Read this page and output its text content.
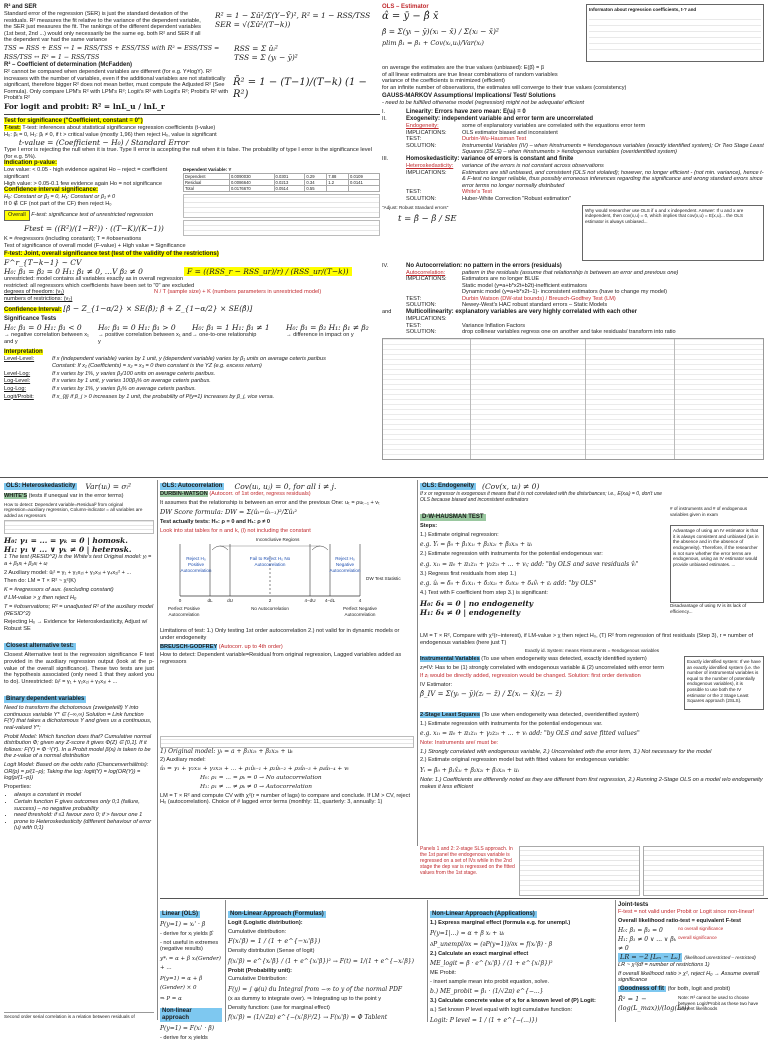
R² and SER
Standard error of the regression (SER) is just the standard deviation of the residuals. R² measures the fit relative to the variance of the dependent variable, the SER just measures the fit. The rankings of the different dependent variables (1st best, 2nd ...) would only necessarily be the same eg. both R² and SER if all the dependent var had the same variance
R² = 1 − Σû²/Σ(Y−Ȳ)², R² = 1 − RSS/TSS
SER = √(Σû²/(T−k))
TSS = RSS + ESS ↔ 1 = RSS/TSS + ESS/TSS with R² = ESS/TSS = RSS/TSS ↔ R² = 1 − RSS/TSS
RSS = Σ ûᵢ²
TSS = Σ (yᵢ − ȳ)²
R² – Coefficient of determination (McFadden)
R² cannot be compared when dependent variables are different (for e.g. Y≠logY). R² increases with the number of variables, even if the additional variables are not statistically significant, therefore bigger R² does not mean better, must compute the Adjusted R² (See Formula). Only compare LPM's R² with LPM's R²; Logit's R² with Logit's R²; Probit's R² with Probit's R²
R̄² = 1 − (T−1)/(T−k) (1 − R²)
For logit and probit: R² = lnL_u / lnL_r
Test for significance ("Coefficient, constant = 0")
T-test: T-test: inferences about statistical significance regression coefficients (t-value)
H₀: βᵢ = 0, H₁: βᵢ ≠ 0, if t > critical value (mostly 1,96) then reject H₀, value is significant
t-value = (Coefficient − H₀) / Standard Error
Type I error is rejecting the null when it is true. Type II error is accepting the null when it is false. The probability of type I error is the significance level (for e.g. 5%).
Indication p-value:
Low value: < 0.05 - high evidence against Ho – reject = coefficient significant
High value: > 0.05-0.1 few evidence again Ho = not significance
Confidence interval significance:
H₀: Constant or β₁ = 0, H₁: Constant or β₁ ≠ 0
If 0 ∉ CF (not part of the CF) then reject H₀
Overall F-test: significance test of unrestricted regression
Ftest = ((R²)/(1−R²)) · ((T−K)/(K−1))
Dependent Variable: Y
Dependent	0.0090030	0.0301	0.29	7.88	0.0109
Residual	0.0086640	0.0213	0.34	1.2	0.0141
Total	0.0176670	0.0514	0.55		
K = #regressors (including constant); T = #observations
Test of significance of overall model (F-value) + High value = Significance
F-test: Joint, overall significance test (test of the validity of the restrictions)
F^r_{T−k−1} ~ CV
H₀: β₁ = β₂ = 0 H₁: β₁ ≠ 0, ...V β₂ ≠ 0	F = ((RSS_r − RSS_ur)/r) / (RSS_ur/(T−k))
unrestricted: model contains all variables exactly as in overall regression
restricted: all regressors which coefficients have been set to "0" are excluded
degrees of freedom: (v₁)
numbers of restrictions: (v₂)
N / T (sample size) + K (numbers parameters in unrestricted model)
Confidence Interval: [β̂ − Z_{1−α/2} × SE(β̂); β̂ + Z_{1−α/2} × SE(β̂)]
Significance Tests
H₀: β₁ = 0 H₁: β₁ < 0
→ negative correlation between x₁ and y
H₀: β₁ = 0 H₁: β₁ > 0
→ positive correlation between x₁ and y
H₀: β₁ = 1 H₁: β₁ ≠ 1
→ one-to-one relationship
H₀: β₁ = β₂ H₁: β₁ ≠ β₂
→ difference in impact on y
Interpretation
Level-Level:	If x (independent variable) varies by 1 unit, y (dependent variable) varies by β₁ units on average ceteris paribus
Constant: If x₁ (Coefficients) = x₂ = x₃ = 0 then constant is the YZ (e.g. excess return)
Level-Log:	If x varies by 1%, y varies β₁/100 units on average ceteris paribus.
Log-Level:	If x varies by 1 unit, y varies 100β₁% on average ceteris paribus.
Log-Log:	If x varies by 1%, y varies β₁% on average ceteris paribus.
Logit/Probit:	If x_{ij} if β_j > 0 increases by 1 unit, the probability of P(y=1) increases by β_j, vice versa.
OLS – Estimator
α̂ = ȳ − β̂ x̄
β̂ = Σ(yᵢ − ȳ)(xᵢ − x̄) / Σ(xᵢ − x̄)²
plim β̂₁ = β₁ + Cov(xᵢ,uᵢ)/Var(xᵢ)
Informaton about regression coefficients, t-? and
on average the estimates are the true values (unbiased): E(β̂) = β
of all linear estimators are true linear combinations of random variables
variance of the coefficients is minimized (efficient)
for an infinite number of observations, the estimates will converge to their true values (consistency)
GAUSS-MARKOV Assumptions/ Implications/ Test/ Solutions
- need to be fulfilled otherwise model (regression) might not be adequate/ efficient
I.	Linearity: Errors have zero mean: E(uᵢ) = 0
II.	Exogeneity: independent variable and error term are uncorrelated
Endogeneity:	some of explanatory variables are correlated with the equations error term
IMPLICATIONS:	OLS estimator biased and inconsistent
TEST:	Durbin-Wu-Hausman Test
SOLUTION:	Instrumental Variables (IV) – when #instruments = #endogenous variables (exactly identified system); Or Two Stage Least Squares (2SLS) – when #instruments > #endogenous variables (overidentified system)
III.	Homoskedasticity: variance of errors is constant and finite
Heteroskedasticity:	variance of the errors is not constant across observations
IMPLICATIONS:	Estimators are still unbiased, and consistent (OLS not violated); however, no longer efficient - (not min. variance), hence t-& F-test no longer reliable, thus possibly erroneous inferences regarding the significance and wrong standard errors since error terms no longer normally distributed
TEST:	White's Test
SOLUTION:	Huber-White Correction "Robust estimation"
"Adjust: Robust Standard errors"
t = β̂ − β̄ / SE
Why would researcher use OLS if u and x independent. Answer: If u and x are independent, then cov(x,u) = 0, which implies that cov(x,u) = E(x,u)... the OLS estimator is always unbiased...
IV.	No Autocorrelation: no pattern in the errors (residuals)
Autocorrelation:	pattern in the residuals (assume that relationship is between an error and previous one)
IMPLICATIONS:	Estimators are no longer BLUE
Static model (y=a+b*x2t+b2t)-inefficient estimators
Dynamic model (y=a+b*x2t−1)- inconsistent estimators (have to change my model)
TEST:	Durbin Watson (DW-stat bounds) / Breusch-Godfrey Test (LM)
SOLUTION:	Newey-West's HAC robust standard errors – Static Models
and	Multicollinearity: explanatory variables are very highly correlated with each other
IMPLICATIONS:
TEST:	Variance Inflation Factors
SOLUTION:	drop collinear variables regress one on another and take residuals/ transform into ratio
OLS: Heteroskedasticity Var(uᵢ) = σᵢ²
WHITE'S (tests if unequal var in the error terms)
How to detect: Dependent variable=Residual² from original regression=auxiliary regression, Column-indicator = all variables are added as regressors
H₀: γ₁ = ... = γₖ = 0 | homosk.
H₁: γ₁ ∨ ... ∨ γₖ ≠ 0 | heterosk.
1 The test (RESID^2) is the White's test Original model: yᵢ = a + β₁xᵢ + β₂xᵢ + uᵢ
2 Auxiliary model: ûᵢ² = γ₁ + γ₂x₂ᵢ + γ₃x₃ᵢ + γ₄x₂ᵢ² + ...
Then do: LM = T × R² ~ χ²(K)
K = #regressors of aux. (excluding constant)
if LM-value > χ then reject H₀
T = #observations; R² = unadjusted R² of the auxiliary model (RESID^2)
Rejecting H₀ → Evidence for Heteroskedasticity, Adjust w/ Robust SE
Closest alternative test:
Closest Alternative test is the regression significance F test provided in the auxiliary regression output (look at the p-value of the overall significance). These two tests are just the hypothesis associated (only need 1 that they asked you to do). Unrestricted: ûᵢ² = γ₁ + γ₂x₂ᵢ + γ₃x₃ᵢ + ...
Binary dependent variables
Need to transform the dichotomous (zweigeteilt) Y into continuous variable Y* ∈ (−∞,∞) Solution = Link function F(Y) that takes a dichotomous Y and gives us a continuous, real-valued Y*;
Probit Model: Which function does that? Cumulative normal distribution Φ; given any Z-score it gives Φ(Z) ∈ [0,1]. If it follows: F(Y) = Φ⁻¹(Y). In a Probit model β(xᵢ) is taken to be the z-value of a normal distribution
Logit Model: Based on the odds ratio (Chancenverhältnis): OR(p) = p/(1−p); Taking the log: logit(Y) = log(OR(Y)) = log(p/(1−p))
Properties:
• always a constant in model
• Certain function F gives outcomes only 0;1 (failure, success) – no negative probability
• need threshold: if ≤1 favour zero 0; if > favour one 1
• prone to Heteroskedasticity (different behaviour of error (u) with 0;1)
Second order serial correlation is a relation between residuals of
OLS: Autocorrelation Cov(uᵢ, uⱼ) = 0, for all i ≠ j.
DURBIN-WATSON (Autocorr. of 1st order, regress residuals)
It assumes that the relationship is between an error and the previous One: uₜ = ρuₜ₋₁ + vₜ
DW Score formula: DW = Σ(ûₜ−ûₜ₋₁)²/Σûₜ²
Test actually tests: H₀: ρ = 0 and H₁: ρ ≠ 0
Look into stat tables for n and k, (l) not including the constant
Reject H₀ Positive Autocorrelation
Fail to Reject H₀ No Autocorrelation
Reject H₀ Negative Autocorrelation
Inconclusive Regions
DW Test Statistic
0	dL	dU	2	4−dU	4−dL	4
Perfect Positive Autocorrelation
No Autocorrelation	Perfect Negative Autocorrelation
Limitations of test: 1.) Only testing 1st order autocorrelation 2.) not valid for in dynamic models or under endogeneity
BREUSCH-GODFREY (Autocorr. up to 4th order)
How to detect: Dependent variable=Residual from original regression, Lagged variables added as regressors
1) Original model: yₜ = a + β₁x₁ₜ + β₂x₂ₜ + uₜ
2) Auxiliary model:
ûₜ = γ₁ + γ₂x₁ₜ + γ₃x₂ₜ + ... + ρ₁ûₜ₋₁ + ρ₂ûₜ₋₂ + ρ₃ûₜ₋₃ + ρ₄ûₜ₋₄ + vₜ
H₀: ρ₁ = ... = ρₖ = 0 → No autocorrelation
H₁: ρ₁ ≠ ... ≠ ρₖ ≠ 0 → Autocorrelation
LM = T × R² and compute CV with χ²(r = number of lags) to compare and conclude. If LM > CV, reject H₀ (autocorrelation). Choice of # lagged error terms (monthly: 11, quarterly: 3, annually: 1)
OLS: Endogeneity (Cov(x, uᵢ) ≠ 0)
If x or regressor is exogenous it means that it is not correlated with the disturbances; i.e., E(xᵢuᵢ) = 0, don't use OLS because biased and inconsistent estimators
D-W-HAUSMAN TEST
Steps:
1.) Estimate original regression:
e.g. Yᵢ = β₀ + β₁x₁ᵢ + β₂x₂ᵢ + β₃x₃ᵢ + uᵢ
2.) Estimate regression with instruments for the potential endogenous var:
e.g. x₁ᵢ = π₀ + π₁z₁ᵢ + γ₂z₂ᵢ + ... + vᵢ; add: "by OLS and save residuals v̂ᵢ"
3.) Regress first residuals from step 1.)
e.g. ûᵢ = δ₀ + δ₁x₁ᵢ + δ₂x₂ᵢ + δ₃x₃ᵢ + δ₄v̂ᵢ + εᵢ add: "by OLS"
4.) Test with F coefficient from step 3.) is significant:
H₀: δ₄ = 0 | no endogeneity
H₁: δ₄ ≠ 0 | endogeneity
# of instruments and # of endogenous variables given in exam
Advantage of using an IV estimator is that it is always consistent and unbiased (as in the absence and in the absence of endogeneity). Therefore, if the researcher is not sure whether the error terms are endogenous, using an IV estimator would provide unbiased estimates. ...
Disadvantage of using IV is its lack of efficiency...
LM = T × R², Compare with χ²(r−interest), if LM-value > χ then reject H₀, (T) R² from regression of first residuals (Step 3), r = number of endogenous variables (here just T)
Exactly id. System: means #instruments = #endogenous variables
Instrumental Variables (To use when endogeneity was detected, exactly identified system)
zᵢ=IV: Has to be (1) strongly correlated with endogenous variable & (2) uncorrelated with error term
If zᵢ would be directly added, regression would be changed. Solution: first order derivation
IV Estimator:
β̂_IV = Σ(yᵢ − ȳ)(zᵢ − z̄) / Σ(xᵢ − x̄)(zᵢ − z̄)
Exactly identified system: If we have an exactly identified system (i.e. the number of instrumental variables is equal to the number of potentially endogenous variables), it is possible to use both the IV estimator or the 2 Stage Least Squares approach (2SLS).
2-Stage Least Squares (To use when endogeneity was detected, overidentified system)
1.) Estimate regression with instruments for the potential endogenous var.
e.g. x₁ᵢ = π₀ + π₁z₁ᵢ + γ₂z₂ᵢ + ... + vᵢ add: "by OLS and save fitted values"
Note: Instruments are/ must be:
1.) Strongly correlated with endogenous variable, 2.) Uncorrelated with the error term, 3.) Not necessary for the model
2.) Estimate original regression model but with fitted values for endogenous variable:
Yᵢ = β₀ + β₁x̂₁ᵢ + β₂x₂ᵢ + β₃x₃ᵢ + uᵢ
Note: 1.) Coefficients are differently noted as they are different from first regression, 2.) Running 2-Stage OLS on a model w/o endogeneity makes it less efficient
Panels 1 and 2: 2-stage SLS approach. In the 1st panel the endogenous variable is regressed on a set of IVs while in the 2nd stage the dep var is regressed on the fitted values from the 1st stage.
Linear (OLS)
P(y=1) = xᵢ' · β
- derive for xᵢ yields β̂
- not useful in extremes (negative results)
y*ᵢ = α + β xᵢ(Gender) + ...
P(y=1) = α + β (Gender) × 0
⇒ P = α
Non-linear approach
P(y=1) = F(xᵢ' · β)
- derive for xᵢ yields
Non-Linear Approach (Formulas)
Logit (Logistic distribution):
Cumulative distribution:
F(xᵢ'β) = 1 / (1 + e^{−xᵢ'β})
Density distribution (Sense of logit)
f(xᵢ'β) = e^{xᵢ'β} / (1 + e^{xᵢ'β})² → F(t) = 1/(1 + e^{−xᵢ'β})
Probit (Probability unit):
Cumulative Distribution:
F(y) = ∫ φ(u) du Integral from −∞ to y of the normal PDF
(x as dummy to integrate over). ⇒ Integrating up to the point y
Density function: (use for marginal effect)
f(xᵢ'β) = (1/√2π) e^{−(xᵢ'β)²/2} → F(xᵢ'β) = Φ Tablent
Non-Linear Approach (Applications)
1.) Express marginal effect (formula e.g. for unempl.)
P(y=1|...) = α + β xᵢ + uᵢ
∂P_unempl/∂x = (∂P(y=1))/∂x = f(xᵢ'β) · β
2.) Calculate an exact marginal effect
ME_logit = β · e^{xᵢ'β} / (1 + e^{xᵢ'β})²
ME Probit:
- insert sample mean into probit equation, solve.
b.) ME_probit = β₁ · (1/√2π) e^{−...}
3.) Calculate concrete value of xᵢ for a known level of (P) Logit:
a.) Set known P level equal with logit cumulative function:
Logit: P level = 1 / (1 + e^{−(...)})
Joint-tests
F-test = not valid under Probit or Logit since non-linear!
Overall likelihood ratio-test = equivalent F-test
H₀: β₁ = β₂ = 0	no overall significance
H₁: β₁ ≠ 0 ∨ ... ∨ βₖ ≠ 0
overall significance
LR = −2 [Lₘ − Lᵤ] (likelihood unrestricted – restricted)
LR ~ χ²(df = number of restrictions 1)
If overall likelihood ratio > χ², reject H₀ → Assume overall significance
Goodness of fit (for both, logit and probit)
R̄² = 1 − (log(L_max))/(log(L₀))
Note: R² cannot be used to choose between Logit/Probit as these two have different likelihoods
